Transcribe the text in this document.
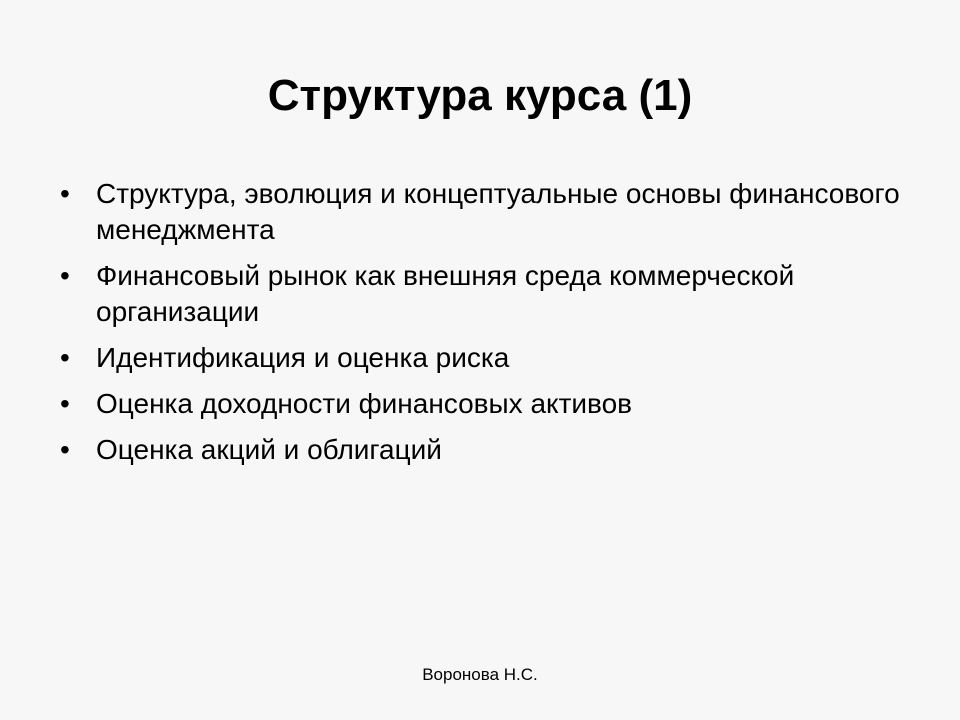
Структура курса (1)
• Структура, эволюция и концептуальные основы финансового менеджмента
• Финансовый рынок как внешняя среда коммерческой организации
• Идентификация и оценка риска
• Оценка доходности финансовых активов
• Оценка акций и облигаций
Воронова Н.С.
